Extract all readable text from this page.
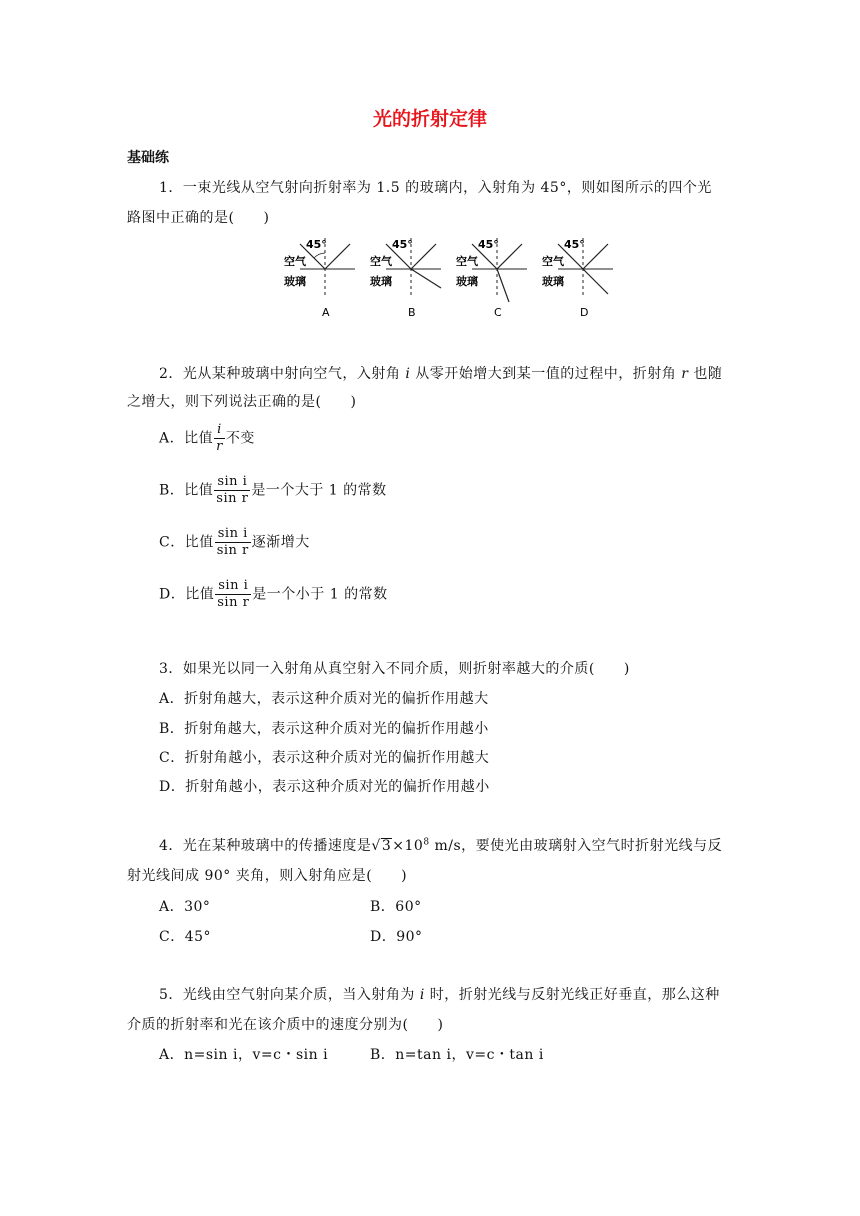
光的折射定律
基础练
1．一束光线从空气射向折射率为 1.5 的玻璃内，入射角为 45°，则如图所示的四个光
路图中正确的是(　　)
45°
空气
玻璃
A
45°
空气
玻璃
B
45°
空气
玻璃
C
45°
空气
玻璃
D
2．光从某种玻璃中射向空气，入射角 i 从零开始增大到某一值的过程中，折射角 r 也随
之增大，则下列说法正确的是(　　)
A．比值 $\frac{i}{r}$ 不变
B．比值 $\frac{\text{sin i}}{\text{sin r}}$ 是一个大于 1 的常数
C．比值 $\frac{\text{sin i}}{\text{sin r}}$ 逐渐增大
D．比值 $\frac{\text{sin i}}{\text{sin r}}$ 是一个小于 1 的常数
3．如果光以同一入射角从真空射入不同介质，则折射率越大的介质(　　)
A．折射角越大，表示这种介质对光的偏折作用越大
B．折射角越大，表示这种介质对光的偏折作用越小
C．折射角越小，表示这种介质对光的偏折作用越大
D．折射角越小，表示这种介质对光的偏折作用越小
4．光在某种玻璃中的传播速度是$√3\times 10^8$ m/s，要使光由玻璃射入空气时折射光线与反
射光线间成 90° 夹角，则入射角应是(　　)
A．30°	B．60°
C．45°	D．90°
5．光线由空气射向某介质，当入射角为 i 时，折射光线与反射光线正好垂直，那么这种
介质的折射率和光在该介质中的速度分别为(　　)
A．n=sin i，v=c・sin i	B．n=tan i，v=c・tan i
